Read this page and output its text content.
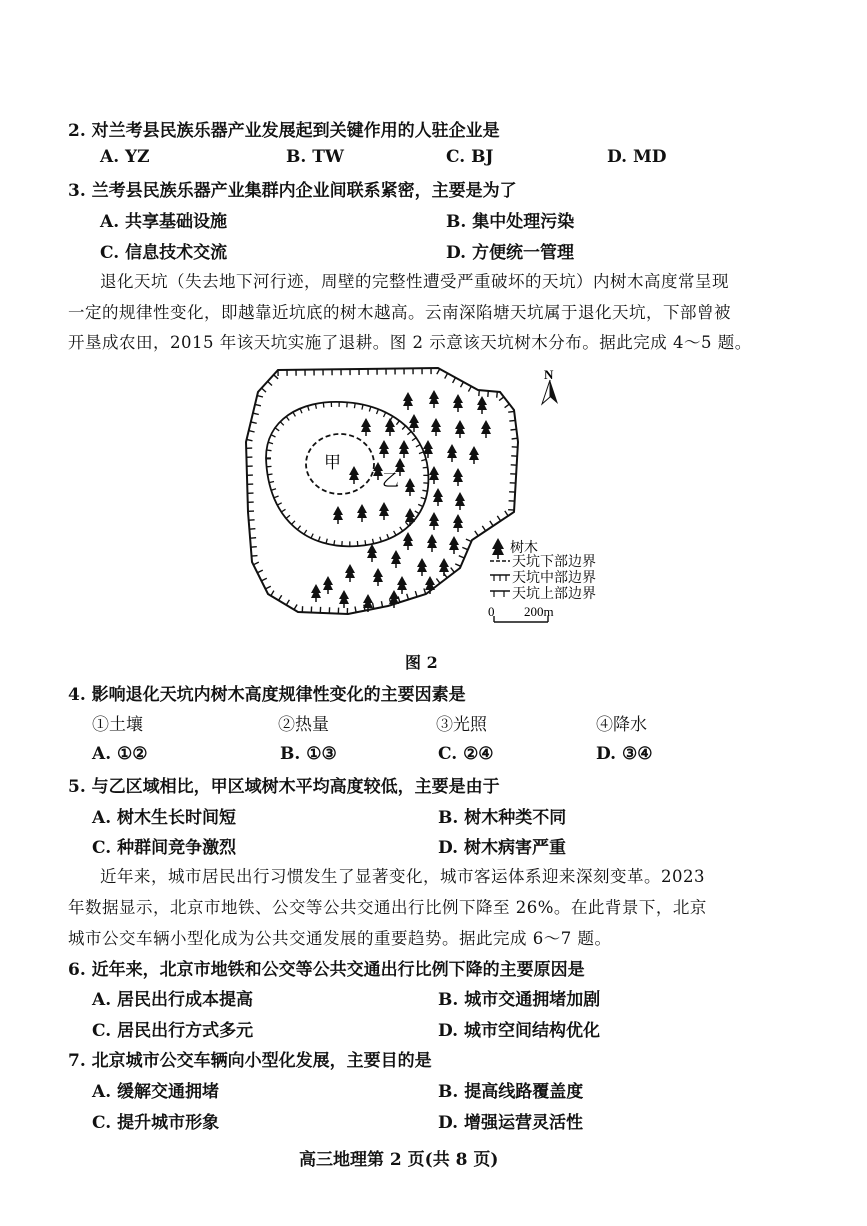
2. 对兰考县民族乐器产业发展起到关键作用的人驻企业是
A. YZ	B. TW	C. BJ	D. MD
3. 兰考县民族乐器产业集群内企业间联系紧密，主要是为了
A. 共享基础设施	B. 集中处理污染
C. 信息技术交流	D. 方便统一管理
退化天坑（失去地下河行迹，周壁的完整性遭受严重破坏的天坑）内树木高度常呈现
一定的规律性变化，即越靠近坑底的树木越高。云南深陷塘天坑属于退化天坑，下部曾被
开垦成农田，2015 年该天坑实施了退耕。图 2 示意该天坑树木分布。据此完成 4～5 题。
甲
乙
N
树木
天坑下部边界
天坑中部边界
天坑上部边界
0 200m
图 2
4. 影响退化天坑内树木高度规律性变化的主要因素是
①土壤	②热量	③光照	④降水
A. ①②	B. ①③	C. ②④	D. ③④
5. 与乙区域相比，甲区域树木平均高度较低，主要是由于
A. 树木生长时间短	B. 树木种类不同
C. 种群间竞争激烈	D. 树木病害严重
近年来，城市居民出行习惯发生了显著变化，城市客运体系迎来深刻变革。2023
年数据显示，北京市地铁、公交等公共交通出行比例下降至 26%。在此背景下，北京
城市公交车辆小型化成为公共交通发展的重要趋势。据此完成 6～7 题。
6. 近年来，北京市地铁和公交等公共交通出行比例下降的主要原因是
A. 居民出行成本提高	B. 城市交通拥堵加剧
C. 居民出行方式多元	D. 城市空间结构优化
7. 北京城市公交车辆向小型化发展，主要目的是
A. 缓解交通拥堵	B. 提高线路覆盖度
C. 提升城市形象	D. 增强运营灵活性
高三地理第 2 页(共 8 页)
